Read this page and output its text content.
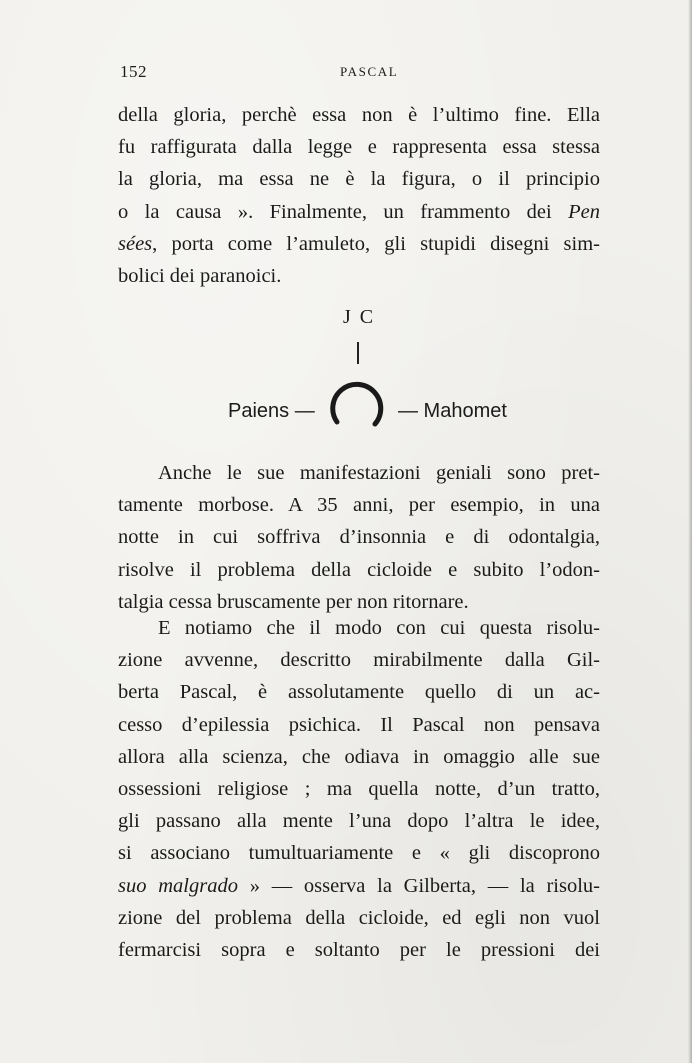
152	PASCAL

della gloria, perchè essa non è l’ultimo fine. Ella
fu raffigurata dalla legge e rappresenta essa stessa
la gloria, ma essa ne è la figura, o il principio
o la causa ». Finalmente, un frammento dei Pen
sées, porta come l’amuleto, gli stupidi disegni sim-
bolici dei paranoici.

J C
Paiens —	— Mahomet

Anche le sue manifestazioni geniali sono pret-
tamente morbose. A 35 anni, per esempio, in una
notte in cui soffriva d’insonnia e di odontalgia,
risolve il problema della cicloide e subito l’odon-
talgia cessa bruscamente per non ritornare.

E notiamo che il modo con cui questa risolu-
zione avvenne, descritto mirabilmente dalla Gil-
berta Pascal, è assolutamente quello di un ac-
cesso d’epilessia psichica. Il Pascal non pensava
allora alla scienza, che odiava in omaggio alle sue
ossessioni religiose ; ma quella notte, d’un tratto,
gli passano alla mente l’una dopo l’altra le idee,
si associano tumultuariamente e « gli discoprono
suo malgrado » — osserva la Gilberta, — la risolu-
zione del problema della cicloide, ed egli non vuol
fermarcisi sopra e soltanto per le pressioni dei
